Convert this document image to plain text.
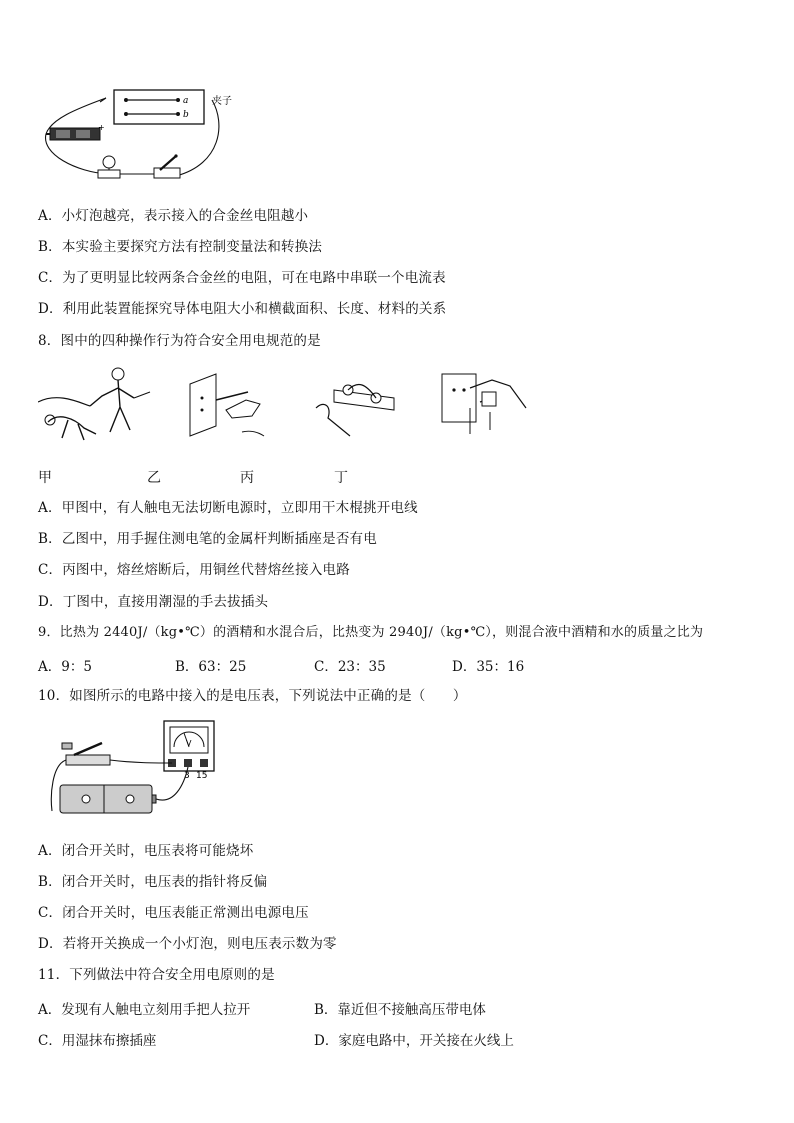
a
b
夹子
+
A．小灯泡越亮，表示接入的合金丝电阻越小
B．本实验主要探究方法有控制变量法和转换法
C．为了更明显比较两条合金丝的电阻，可在电路中串联一个电流表
D．利用此装置能探究导体电阻大小和横截面积、长度、材料的关系
8．图中的四种操作行为符合安全用电规范的是
甲	乙	丙	丁
A．甲图中，有人触电无法切断电源时，立即用干木棍挑开电线
B．乙图中，用手握住测电笔的金属杆判断插座是否有电
C．丙图中，熔丝熔断后，用铜丝代替熔丝接入电路
D．丁图中，直接用潮湿的手去拔插头
9．比热为 2440J/（kg•℃）的酒精和水混合后，比热变为 2940J/（kg•℃），则混合液中酒精和水的质量之比为
A．9：5	B．63：25	C．23：35	D．35：16
10．如图所示的电路中接入的是电压表，下列说法中正确的是（　　）
V
3 15
A．闭合开关时，电压表将可能烧坏
B．闭合开关时，电压表的指针将反偏
C．闭合开关时，电压表能正常测出电源电压
D．若将开关换成一个小灯泡，则电压表示数为零
11．下列做法中符合安全用电原则的是
A．发现有人触电立刻用手把人拉开	B．靠近但不接触高压带电体
C．用湿抹布擦插座	D．家庭电路中，开关接在火线上
